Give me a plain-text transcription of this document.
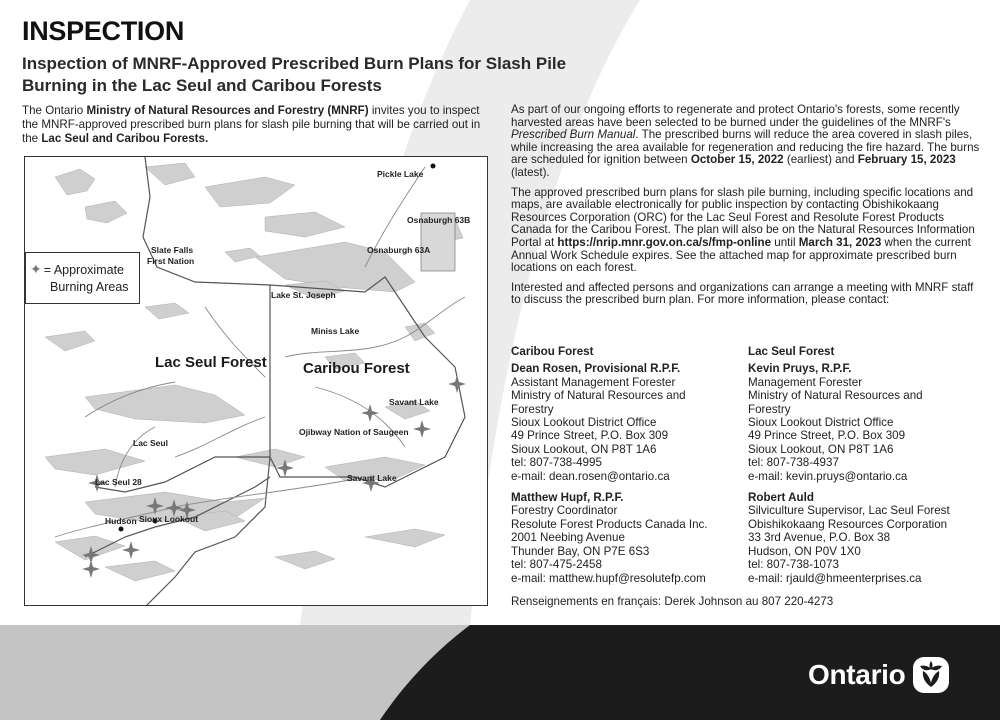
INSPECTION
Inspection of MNRF-Approved Prescribed Burn Plans for Slash Pile
Burning in the Lac Seul and Caribou Forests
The Ontario Ministry of Natural Resources and Forestry (MNRF) invites you to inspect the MNRF-approved prescribed burn plans for slash pile burning that will be carried out in the Lac Seul and Caribou Forests.
✦ = Approximate
Burning Areas
Pickle Lake
Osnaburgh 63B
Osnaburgh 63A
Slate Falls
First Nation
Lake St. Joseph
Miniss Lake
Lac Seul Forest Caribou Forest
Savant Lake
Ojibway Nation of Saugeen
Lac Seul
Savant Lake
Lac Seul 28
Hudson Sioux Lookout

As part of our ongoing efforts to regenerate and protect Ontario's forests, some recently harvested areas have been selected to be burned under the guidelines of the MNRF's Prescribed Burn Manual. The prescribed burns will reduce the area covered in slash piles, while increasing the area available for regeneration and reducing the fire hazard. The burns are scheduled for ignition between October 15, 2022 (earliest) and February 15, 2023 (latest).

The approved prescribed burn plans for slash pile burning, including specific locations and maps, are available electronically for public inspection by contacting Obishikokaang Resources Corporation (ORC) for the Lac Seul Forest and Resolute Forest Products Canada for the Caribou Forest. The plan will also be on the Natural Resources Information Portal at https://nrip.mnr.gov.on.ca/s/fmp-online until March 31, 2023 when the current Annual Work Schedule expires. See the attached map for approximate prescribed burn locations on each forest.

Interested and affected persons and organizations can arrange a meeting with MNRF staff to discuss the prescribed burn plan. For more information, please contact:

Caribou Forest
Dean Rosen, Provisional R.P.F.
Assistant Management Forester
Ministry of Natural Resources and
Forestry
Sioux Lookout District Office
49 Prince Street, P.O. Box 309
Sioux Lookout, ON P8T 1A6
tel: 807-738-4995
e-mail: dean.rosen@ontario.ca
Matthew Hupf, R.P.F.
Forestry Coordinator
Resolute Forest Products Canada Inc.
2001 Neebing Avenue
Thunder Bay, ON P7E 6S3
tel: 807-475-2458
e-mail: matthew.hupf@resolutefp.com
Lac Seul Forest
Kevin Pruys, R.P.F.
Management Forester
Ministry of Natural Resources and
Forestry
Sioux Lookout District Office
49 Prince Street, P.O. Box 309
Sioux Lookout, ON P8T 1A6
tel: 807-738-4937
e-mail: kevin.pruys@ontario.ca
Robert Auld
Silviculture Supervisor, Lac Seul Forest
Obishikokaang Resources Corporation
33 3rd Avenue, P.O. Box 38
Hudson, ON P0V 1X0
tel: 807-738-1073
e-mail: rjauld@hmeenterprises.ca
Renseignements en français: Derek Johnson au 807 220-4273
Ontario
